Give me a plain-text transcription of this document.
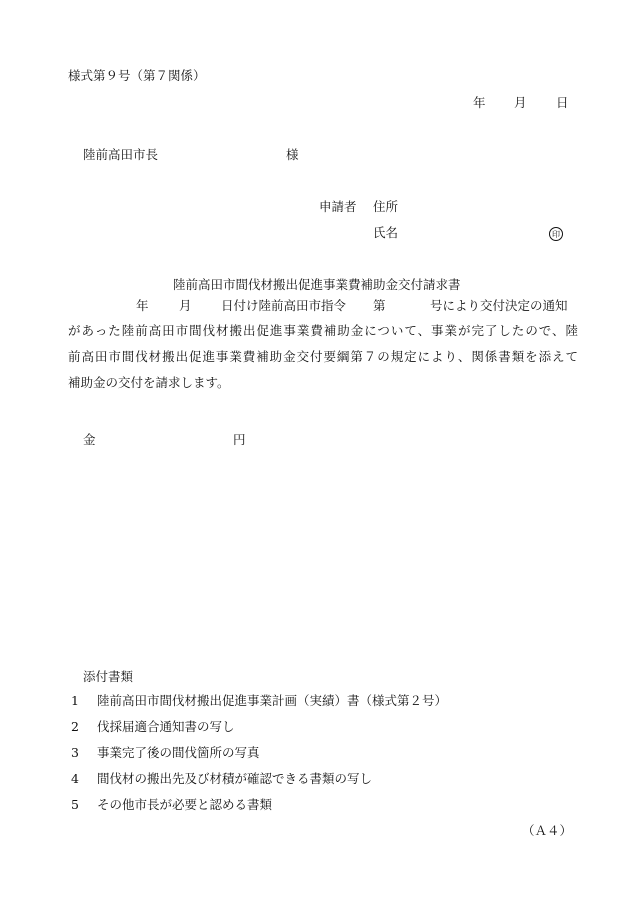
様式第９号（第７関係）
年 月 日
陸前高田市長	様
申請者 住所
氏名	印
陸前高田市間伐材搬出促進事業費補助金交付請求書
年 月 日付け陸前高田市指令 第	号により交付決定の通知
があった陸前高田市間伐材搬出促進事業費補助金について、事業が完了したので、陸
前高田市間伐材搬出促進事業費補助金交付要綱第７の規定により、関係書類を添えて
補助金の交付を請求します。
金	円
添付書類
1 陸前高田市間伐材搬出促進事業計画（実績）書（様式第２号）
2 伐採届適合通知書の写し
3 事業完了後の間伐箇所の写真
4 間伐材の搬出先及び材積が確認できる書類の写し
5 その他市長が必要と認める書類
（Ａ４）
